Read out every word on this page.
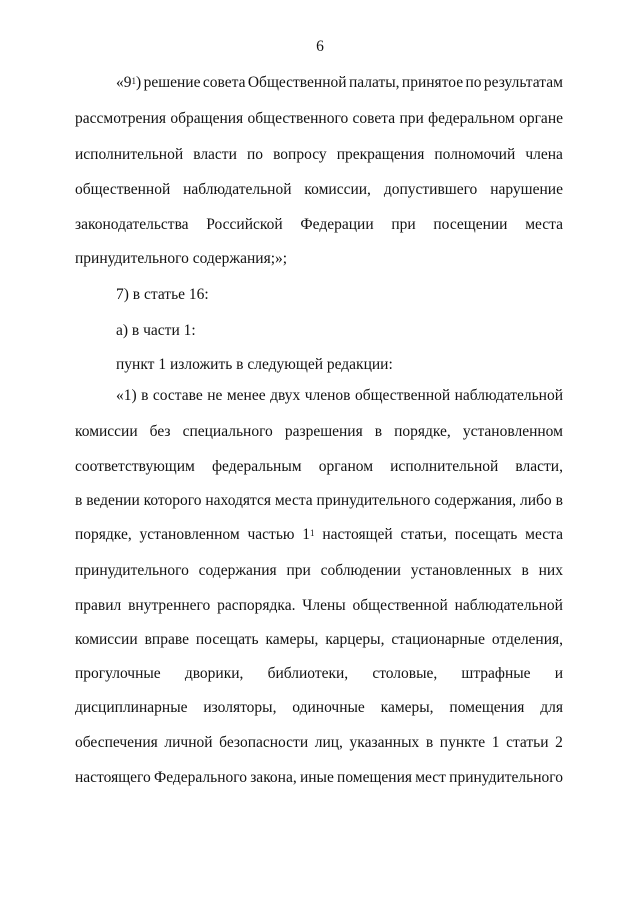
6
«$9^1$) решение совета Общественной палаты, принятое по результатам
рассмотрения обращения общественного совета при федеральном органе
исполнительной власти по вопросу прекращения полномочий члена
общественной наблюдательной комиссии, допустившего нарушение
законодательства Российской Федерации при посещении места
принудительного содержания;»;
7) в статье 16:
а) в части 1:
пункт 1 изложить в следующей редакции:
«1) в составе не менее двух членов общественной наблюдательной
комиссии без специального разрешения в порядке, установленном
соответствующим федеральным органом исполнительной власти,
в ведении которого находятся места принудительного содержания, либо в
порядке, установленном частью $1^1$ настоящей статьи, посещать места
принудительного содержания при соблюдении установленных в них
правил внутреннего распорядка. Члены общественной наблюдательной
комиссии вправе посещать камеры, карцеры, стационарные отделения,
прогулочные дворики, библиотеки, столовые, штрафные и
дисциплинарные изоляторы, одиночные камеры, помещения для
обеспечения личной безопасности лиц, указанных в пункте 1 статьи 2
настоящего Федерального закона, иные помещения мест принудительного
